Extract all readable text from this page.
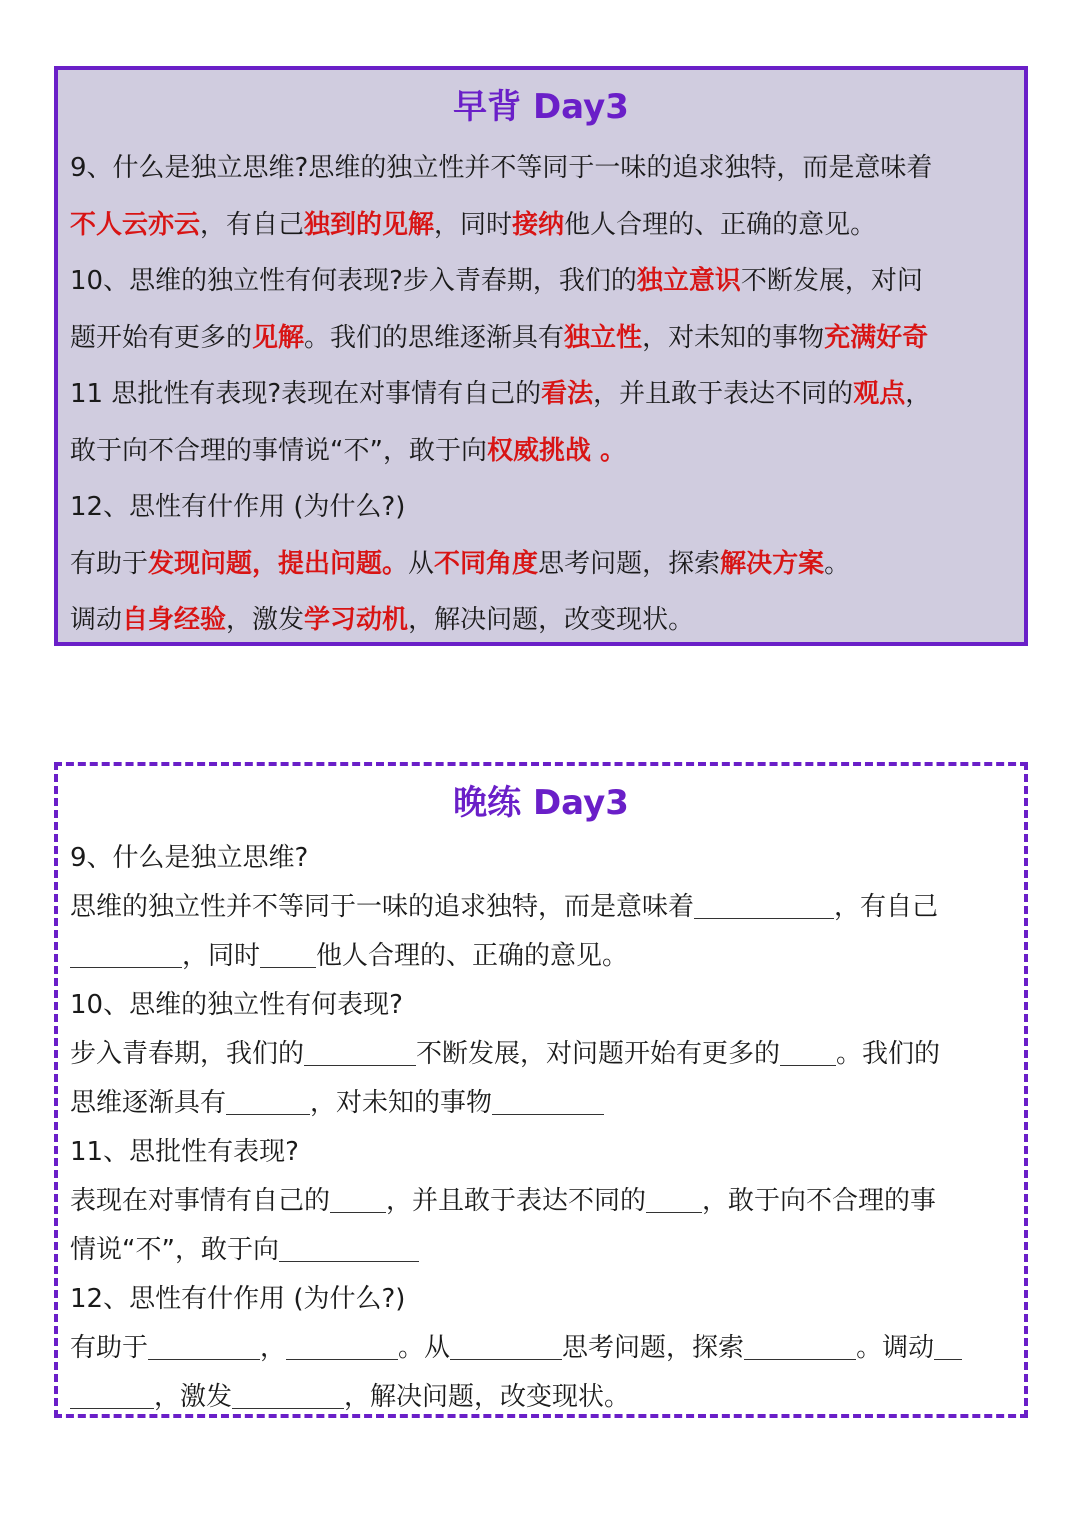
早背 Day3
9、什么是独立思维?思维的独立性并不等同于一味的追求独特，而是意味着
不人云亦云，有自己独到的见解，同时接纳他人合理的、正确的意见。
10、思维的独立性有何表现?步入青春期，我们的独立意识不断发展，对问
题开始有更多的见解。我们的思维逐渐具有独立性，对未知的事物充满好奇
11 思批性有表现?表现在对事情有自己的看法，并且敢于表达不同的观点，
敢于向不合理的事情说“不”，敢于向权威挑战 。
12、思性有什作用 (为什么?)
有助于发现问题，提出问题。从不同角度思考问题，探索解决方案。
调动自身经验，激发学习动机，解决问题，改变现状。
晚练 Day3
9、什么是独立思维?
思维的独立性并不等同于一味的追求独特，而是意味着	，有自己
，同时 他人合理的、正确的意见。
10、思维的独立性有何表现?
步入青春期，我们的	不断发展，对问题开始有更多的 。我们的
思维逐渐具有	，对未知的事物
11、思批性有表现?
表现在对事情有自己的 ，并且敢于表达不同的 ，敢于向不合理的事
情说“不”，敢于向
12、思性有什作用 (为什么?)
有助于	，	。从	思考问题，探索	。调动
，激发	，解决问题，改变现状。
